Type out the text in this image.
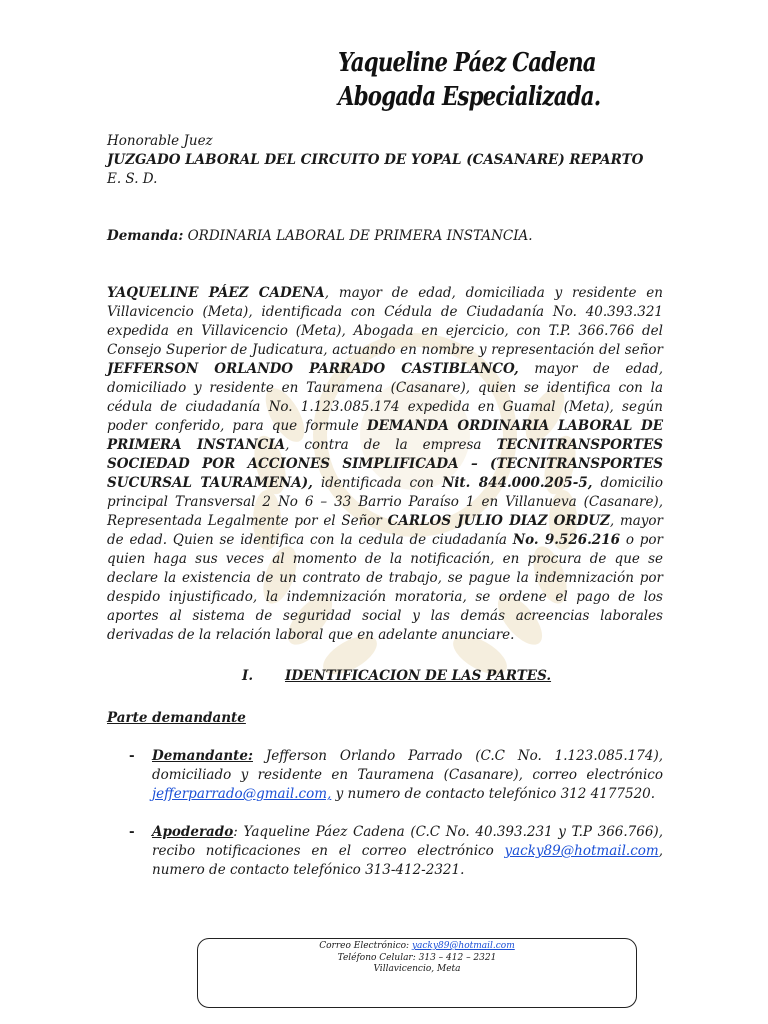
Yaqueline Páez Cadena
Abogada Especializada.

Honorable Juez

JUZGADO LABORAL DEL CIRCUITO DE YOPAL (CASANARE) REPARTO

E. S. D.

Demanda: ORDINARIA LABORAL DE PRIMERA INSTANCIA.

YAQUELINE PÁEZ CADENA, mayor de edad, domiciliada y residente en Villavicencio (Meta), identificada con Cédula de Ciudadanía No. 40.393.321 expedida en Villavicencio (Meta), Abogada en ejercicio, con T.P. 366.766 del Consejo Superior de Judicatura, actuando en nombre y representación del señor JEFFERSON ORLANDO PARRADO CASTIBLANCO, mayor de edad, domiciliado y residente en Tauramena (Casanare), quien se identifica con la cédula de ciudadanía No. 1.123.085.174 expedida en Guamal (Meta), según poder conferido, para que formule DEMANDA ORDINARIA LABORAL DE PRIMERA INSTANCIA, contra de la empresa TECNITRANSPORTES SOCIEDAD POR ACCIONES SIMPLIFICADA – (TECNITRANSPORTES SUCURSAL TAURAMENA), identificada con Nit. 844.000.205-5, domicilio principal Transversal 2 No 6 – 33 Barrio Paraíso 1 en Villanueva (Casanare), Representada Legalmente por el Señor CARLOS JULIO DIAZ ORDUZ, mayor de edad. Quien se identifica con la cedula de ciudadanía No. 9.526.216 o por quien haga sus veces al momento de la notificación, en procura de que se declare la existencia de un contrato de trabajo, se pague la indemnización por despido injustificado, la indemnización moratoria, se ordene el pago de los aportes al sistema de seguridad social y las demás acreencias laborales derivadas de la relación laboral que en adelante anunciare.

I. IDENTIFICACION DE LAS PARTES.

Parte demandante

- Demandante: Jefferson Orlando Parrado (C.C No. 1.123.085.174), domiciliado y residente en Tauramena (Casanare), correo electrónico jefferparrado@gmail.com, y numero de contacto telefónico 312 4177520.
- Apoderado: Yaqueline Páez Cadena (C.C No. 40.393.231 y T.P 366.766), recibo notificaciones en el correo electrónico yacky89@hotmail.com, numero de contacto telefónico 313-412-2321.
Correo Electrónico: yacky89@hotmail.com
Teléfono Celular: 313 – 412 – 2321
Villavicencio, Meta
